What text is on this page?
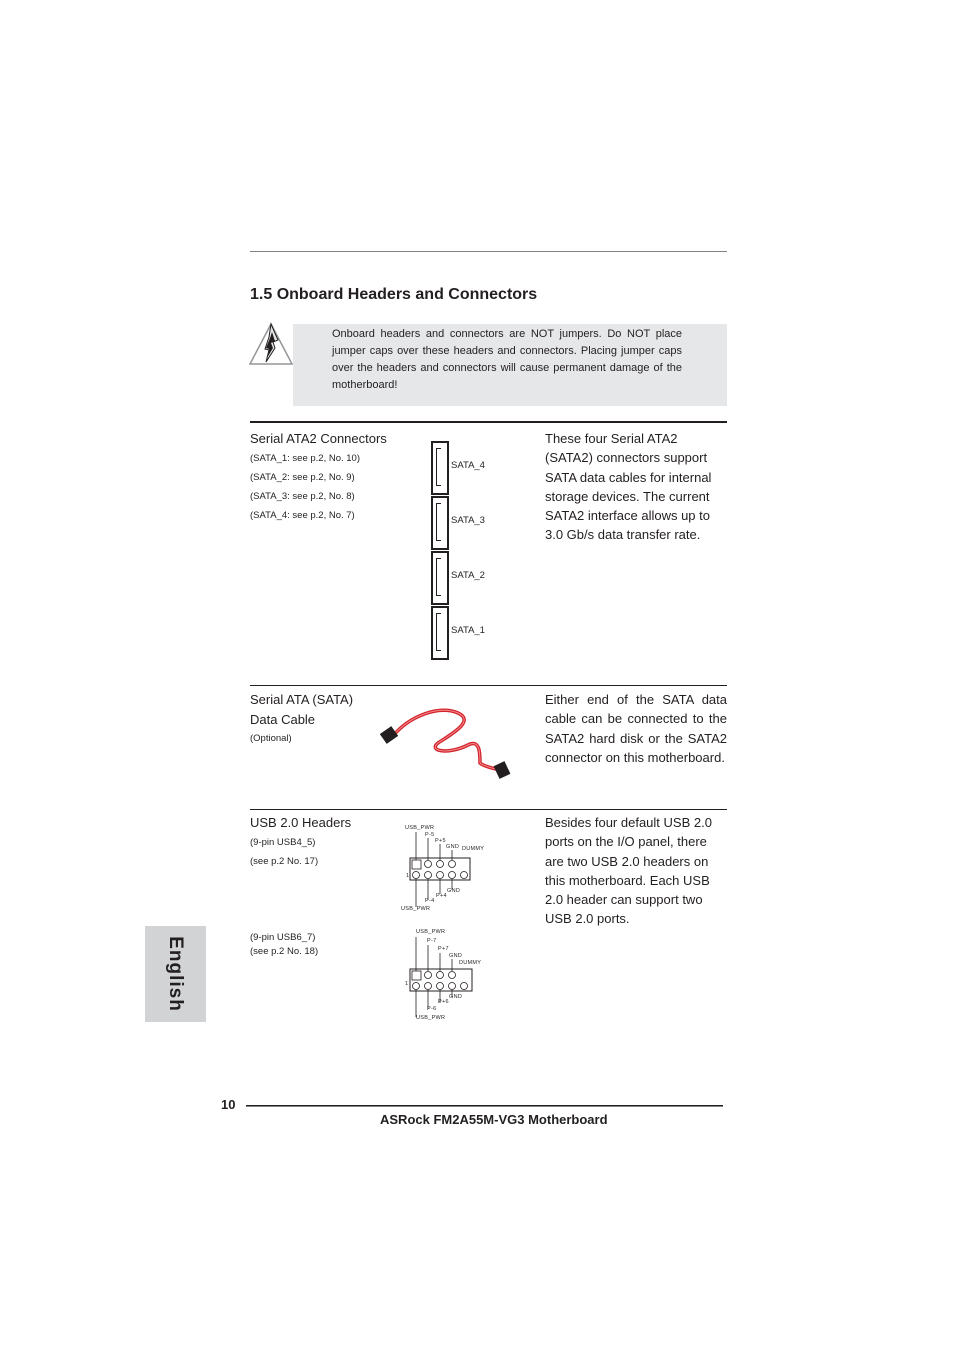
1.5 Onboard Headers and Connectors
Onboard headers and connectors are NOT jumpers. Do NOT place jumper caps over these headers and connectors. Placing jumper caps over the headers and connectors will cause permanent damage of the motherboard!
Serial ATA2 Connectors
(SATA_1: see p.2, No. 10)
(SATA_2: see p.2, No. 9)
(SATA_3: see p.2, No. 8)
(SATA_4: see p.2, No. 7)
SATA_4
SATA_3
SATA_2
SATA_1
These four Serial ATA2 (SATA2) connectors support SATA data cables for internal storage devices. The current SATA2 interface allows up to 3.0 Gb/s data transfer rate.
Serial ATA (SATA)
Data Cable
(Optional)
Either end of the SATA data cable can be connected to the SATA2 hard disk or the SATA2 connector on this motherboard.
USB 2.0 Headers
(9-pin USB4_5)
(see p.2 No. 17)
(9-pin USB6_7)
(see p.2 No. 18)
USB_PWR
P-5
P+5
GND DUMMY
1
GND
P+4
P-4
USB_PWR
USB_PWR
P-7
P+7
GND
DUMMY
1
GND
P+6
P-6
USB_PWR
Besides four default USB 2.0 ports on the I/O panel, there are two USB 2.0 headers on this motherboard. Each USB 2.0 header can support two USB 2.0 ports.
English
10
ASRock FM2A55M-VG3 Motherboard
